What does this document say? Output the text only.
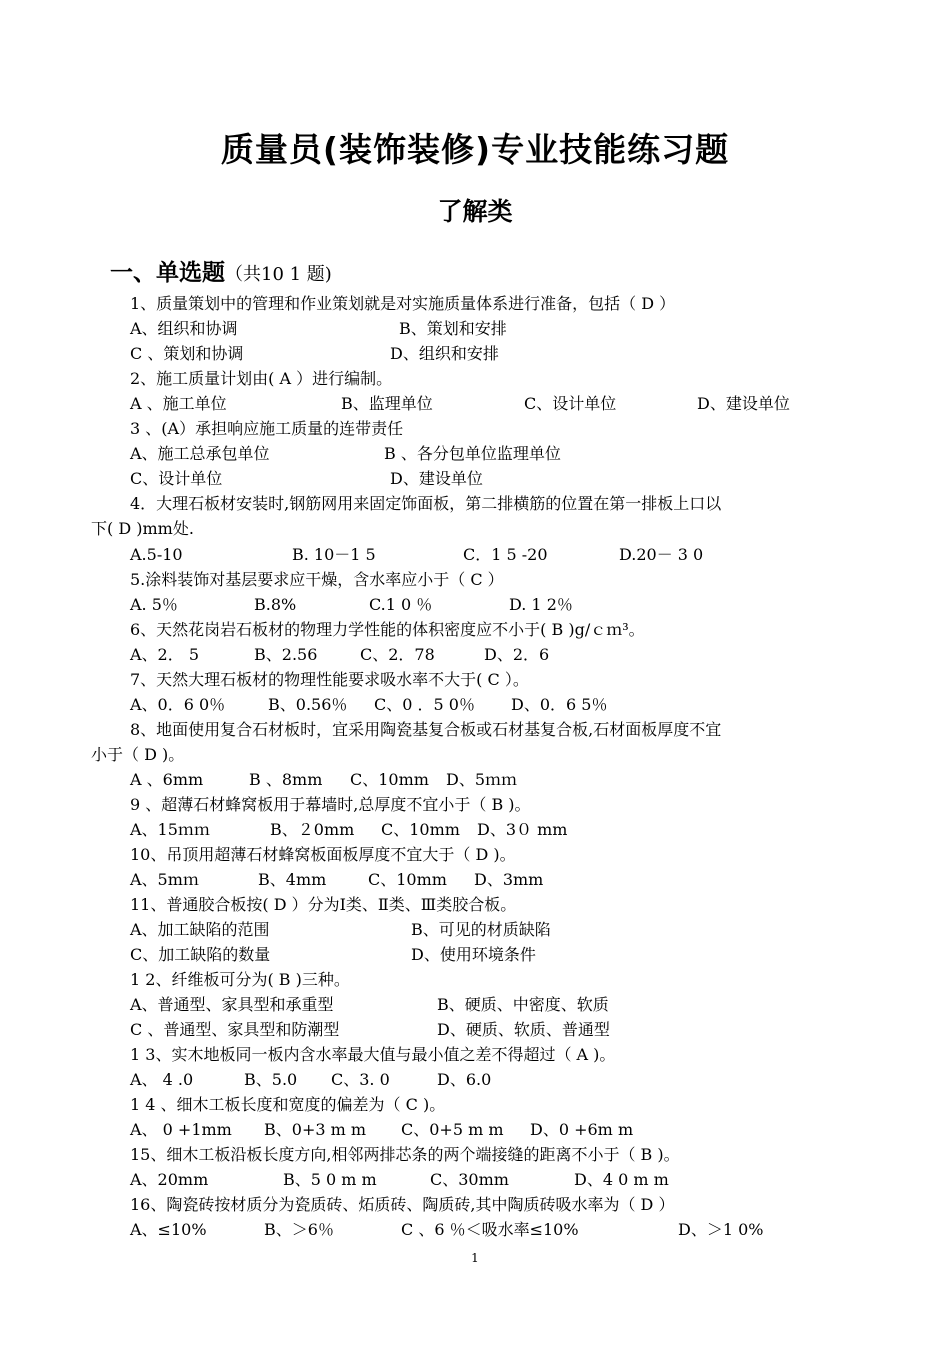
质量员(装饰装修)专业技能练习题
了解类
一、单选题（共10 1 题)
1、质量策划中的管理和作业策划就是对实施质量体系进行准备，包括（ D ）
A、组织和协调	B、策划和安排
C 、策划和协调	D、组织和安排
2、施工质量计划由( A ）进行编制。
A 、施工单位	B、监理单位	C、设计单位	D、建设单位
3 、(A）承担响应施工质量的连带责任
A、施工总承包单位	B 、各分包单位监理单位
C、设计单位	D、建设单位
4．大理石板材安装时,钢筋网用来固定饰面板，第二排横筋的位置在第一排板上口以
下( D )mm处.
A.5-10	B. 10－1 5	C．1 5 -20	D.20－ 3 0
5.涂料装饰对基层要求应干燥，含水率应小于（ C ）
A. 5％	B.8%	C.1 0 ％	D. 1 2％
6、天然花岗岩石板材的物理力学性能的体积密度应不小于( B )g/ｃｍ³。
A、2． 5	B、2.56	C、2．78	D、2．6
7、天然大理石板材的物理性能要求吸水率不大于( C ）。
A、0．6 0％	B、0.56％ C、0 ．5 0％ D、0．6 5％
8、地面使用复合石材板时，宜采用陶瓷基复合板或石材基复合板,石材面板厚度不宜
小于（ D )。
A 、6mm	B 、8mm C、10mm D、5ｍｍ
9 、超薄石材蜂窝板用于幕墙时,总厚度不宜小于（ B )。
A、15ｍｍ	B、２0mm C、10mm D、3０ mm
10、吊顶用超薄石材蜂窝板面板厚度不宜大于（ D )。
A、5mｍ	B、4mm	C、10mm D、3mm
11、普通胶合板按( D ）分为Ⅰ类、Ⅱ类、Ⅲ类胶合板。
A、加工缺陷的范围	B、可见的材质缺陷
C、加工缺陷的数量	D、使用环境条件
1 2、纤维板可分为( B )三种。
A、普通型、家具型和承重型	B、硬质、中密度、软质
C 、普通型、家具型和防潮型	D、硬质、软质、普通型
1 3、实木地板同一板内含水率最大值与最小值之差不得超过（ A )。
A、 4 .0	B、5.0 C、3. 0	D、6.0
1 4 、细木工板长度和宽度的偏差为（ C )。
A、 0 +1mm B、0+3 m m C、0+5 m m D、0 +6m m
15、细木工板沿板长度方向,相邻两排芯条的两个端接缝的距离不小于（ B )。
A、20mm	B、5 0 m m	C、30mm	D、4 0 m m
16、陶瓷砖按材质分为瓷质砖、炻质砖、陶质砖,其中陶质砖吸水率为（ D ）
A、≤10%	B、＞6％	C 、6 ％＜吸水率≤10%	D、＞1 0%
1
